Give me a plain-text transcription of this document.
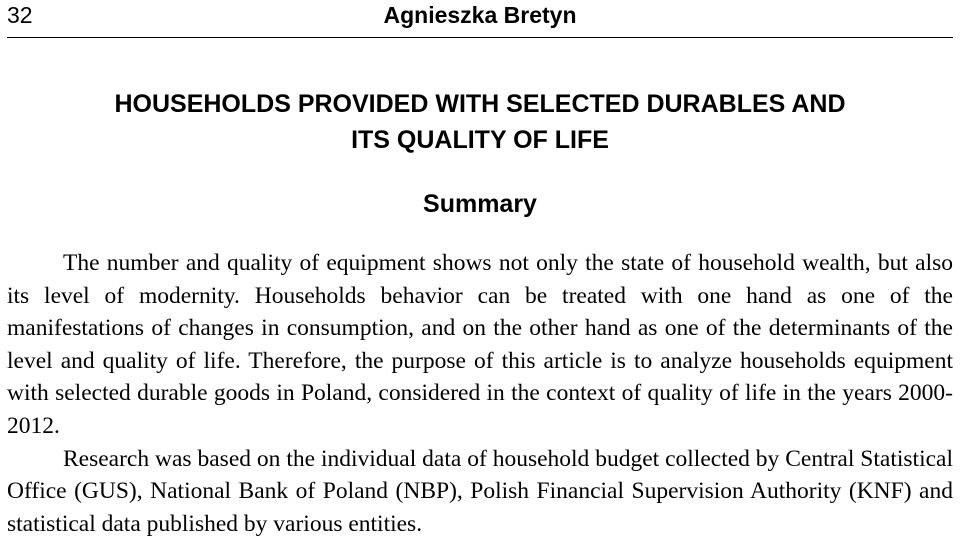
32	Agnieszka Bretyn
HOUSEHOLDS PROVIDED WITH SELECTED DURABLES AND
ITS QUALITY OF LIFE
Summary

The number and quality of equipment shows not only the state of household wealth, but also its level of modernity. Households behavior can be treated with one hand as one of the manifestations of changes in consumption, and on the other hand as one of the determinants of the level and quality of life. Therefore, the purpose of this article is to analyze households equipment with selected durable goods in Poland, considered in the context of quality of life in the years 2000-2012.

Research was based on the individual data of household budget collected by Central Statistical Office (GUS), National Bank of Poland (NBP), Polish Financial Supervision Authority (KNF) and statistical data published by various entities.
